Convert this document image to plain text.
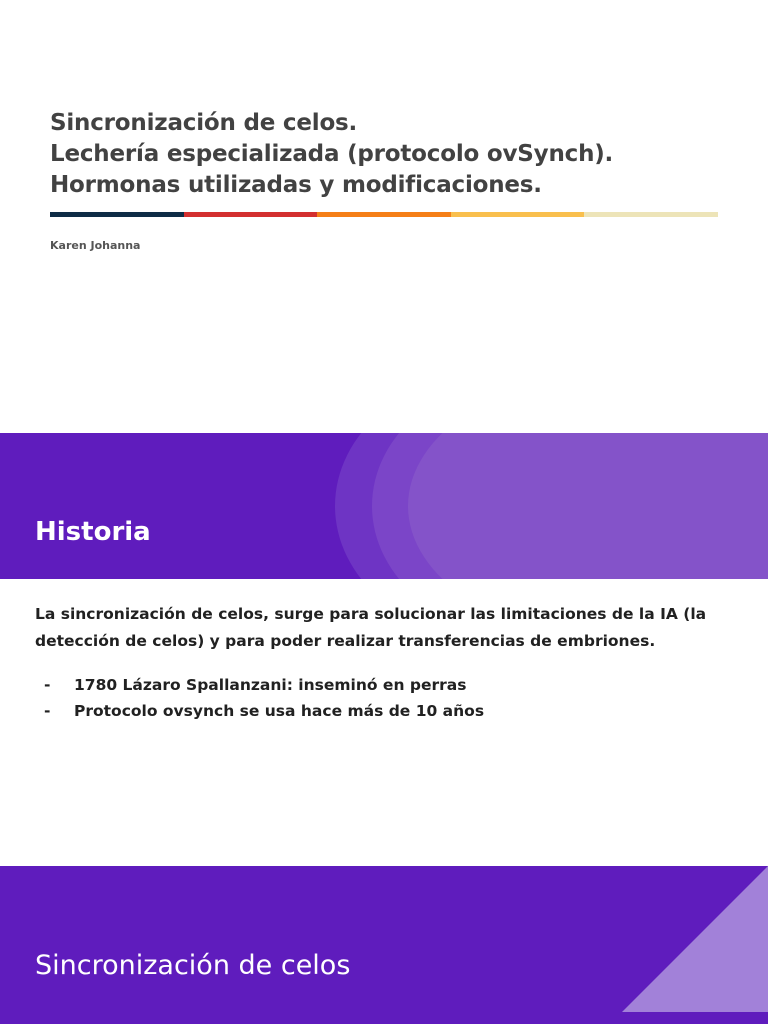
Sincronización de celos.
Lechería especializada (protocolo ovSynch).
Hormonas utilizadas y modificaciones.
Karen Johanna
Historia
La sincronización de celos, surge para solucionar las limitaciones de la IA (la detección de celos) y para poder realizar transferencias de embriones.
- 1780 Lázaro Spallanzani: inseminó en perras
- Protocolo ovsynch se usa hace más de 10 años
Sincronización de celos
